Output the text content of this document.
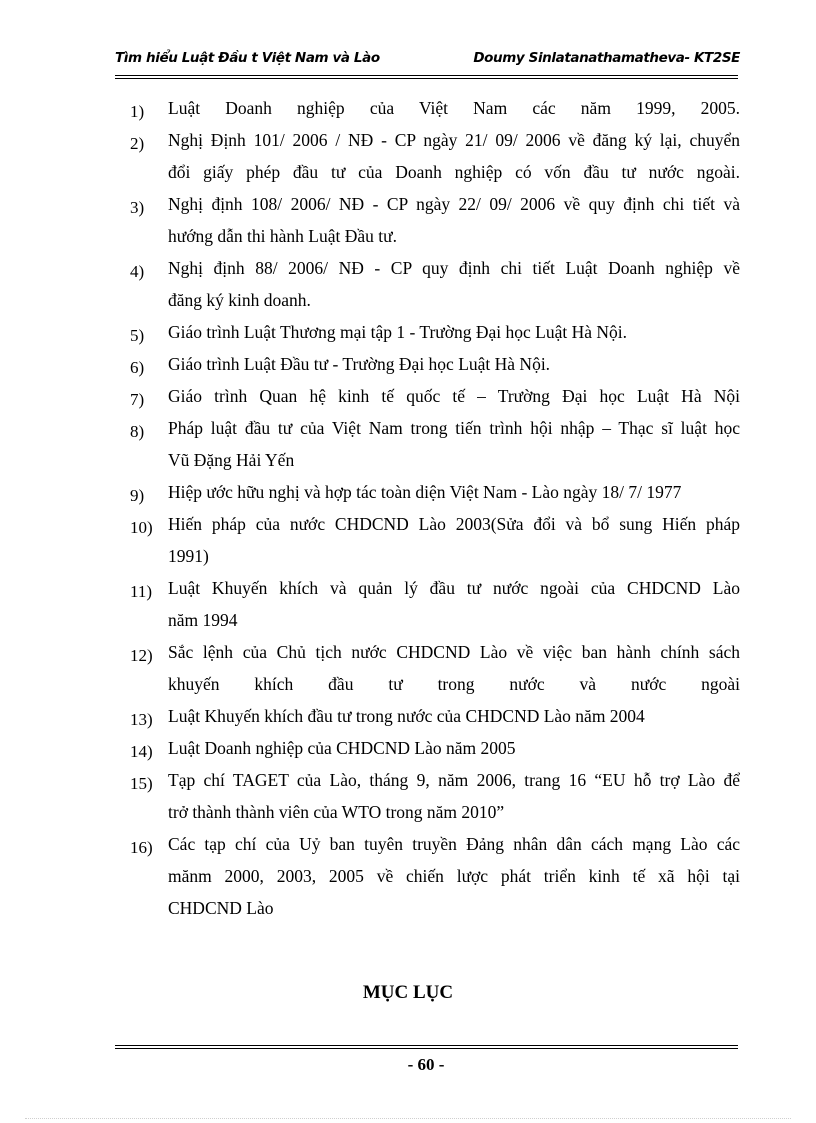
Tìm hiểu Luật Đầu t Việt Nam và Lào	Doumy Sinlatanathamatheva- KT2SE
1) Luật Doanh nghiệp của Việt Nam các năm 1999, 2005.
2) Nghị Định 101/ 2006 / NĐ - CP ngày 21/ 09/ 2006 về đăng ký lại, chuyển
đổi giấy phép đầu tư của Doanh nghiệp có vốn đầu tư nước ngoài.
3) Nghị định 108/ 2006/ NĐ - CP ngày 22/ 09/ 2006 về quy định chi tiết và
hướng dẫn thi hành Luật Đầu tư.
4) Nghị định 88/ 2006/ NĐ - CP quy định chi tiết Luật Doanh nghiệp về
đăng ký kinh doanh.
5) Giáo trình Luật Thương mại tập 1 - Trường Đại học Luật Hà Nội.
6) Giáo trình Luật Đầu tư - Trường Đại học Luật Hà Nội.
7) Giáo trình Quan hệ kinh tế quốc tế – Trường Đại học Luật Hà Nội
8) Pháp luật đầu tư của Việt Nam trong tiến trình hội nhập – Thạc sĩ luật học
Vũ Đặng Hải Yến
9) Hiệp ước hữu nghị và hợp tác toàn diện Việt Nam - Lào ngày 18/ 7/ 1977
10) Hiến pháp của nước CHDCND Lào 2003(Sửa đổi và bổ sung Hiến pháp
1991)
11) Luật Khuyến khích và quản lý đầu tư nước ngoài của CHDCND Lào
năm 1994
12) Sắc lệnh của Chủ tịch nước CHDCND Lào về việc ban hành chính sách
khuyến khích đầu tư trong nước và nước ngoài
13) Luật Khuyến khích đầu tư trong nước của CHDCND Lào năm 2004
14) Luật Doanh nghiệp của CHDCND Lào năm 2005
15) Tạp chí TAGET của Lào, tháng 9, năm 2006, trang 16 “EU hỗ trợ Lào để
trở thành thành viên của WTO trong năm 2010”
16) Các tạp chí của Uỷ ban tuyên truyền Đảng nhân dân cách mạng Lào các
mănm 2000, 2003, 2005 về chiến lược phát triển kinh tế xã hội tại
CHDCND Lào
MỤC LỤC
- 60 -
